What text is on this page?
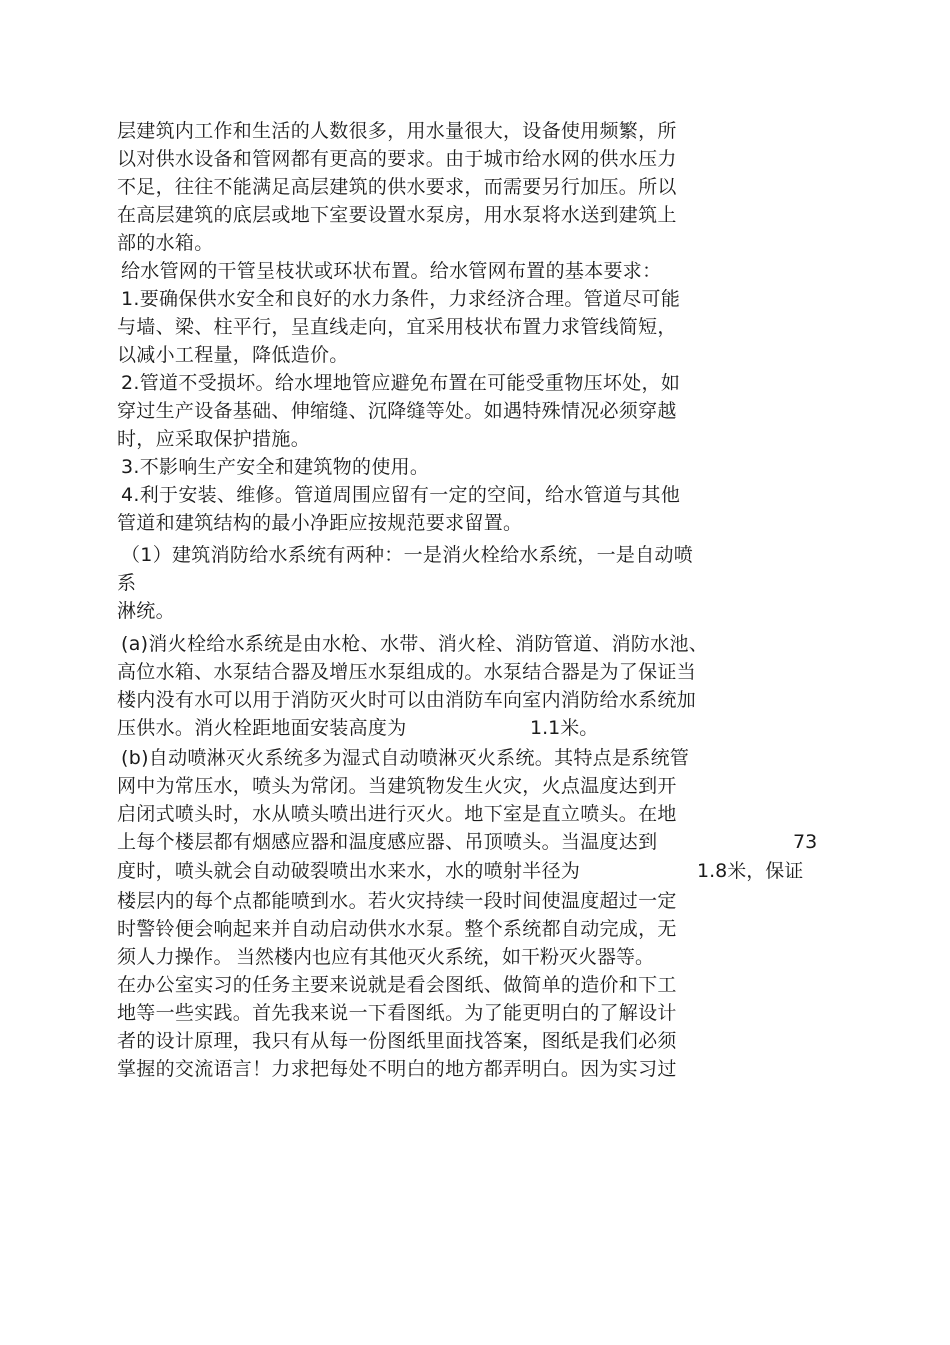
层建筑内工作和生活的人数很多，用水量很大，设备使用频繁，所
以对供水设备和管网都有更高的要求。由于城市给水网的供水压力
不足，往往不能满足高层建筑的供水要求，而需要另行加压。所以
在高层建筑的底层或地下室要设置水泵房，用水泵将水送到建筑上
部的水箱。
给水管网的干管呈枝状或环状布置。给水管网布置的基本要求：
1.要确保供水安全和良好的水力条件，力求经济合理。管道尽可能
与墙、梁、柱平行，呈直线走向，宜采用枝状布置力求管线简短，
以减小工程量，降低造价。
2.管道不受损坏。给水埋地管应避免布置在可能受重物压坏处，如
穿过生产设备基础、伸缩缝、沉降缝等处。如遇特殊情况必须穿越
时，应采取保护措施。
3.不影响生产安全和建筑物的使用。
4.利于安装、维修。管道周围应留有一定的空间，给水管道与其他
管道和建筑结构的最小净距应按规范要求留置。
（1）建筑消防给水系统有两种：一是消火栓给水系统，一是自动喷
系
淋统。
(a)消火栓给水系统是由水枪、水带、消火栓、消防管道、消防水池、
高位水箱、水泵结合器及增压水泵组成的。水泵结合器是为了保证当
楼内没有水可以用于消防灭火时可以由消防车向室内消防给水系统加
压供水。消火栓距地面安装高度为	1.1米。
(b)自动喷淋灭火系统多为湿式自动喷淋灭火系统。其特点是系统管
网中为常压水，喷头为常闭。当建筑物发生火灾，火点温度达到开
启闭式喷头时，水从喷头喷出进行灭火。地下室是直立喷头。在地
上每个楼层都有烟感应器和温度感应器、吊顶喷头。当温度达到	73
度时，喷头就会自动破裂喷出水来水，水的喷射半径为	1.8米，保证
楼层内的每个点都能喷到水。若火灾持续一段时间使温度超过一定
时警铃便会响起来并自动启动供水水泵。整个系统都自动完成，无
须人力操作。 当然楼内也应有其他灭火系统，如干粉灭火器等。
在办公室实习的任务主要来说就是看会图纸、做简单的造价和下工
地等一些实践。首先我来说一下看图纸。为了能更明白的了解设计
者的设计原理，我只有从每一份图纸里面找答案，图纸是我们必须
掌握的交流语言！力求把每处不明白的地方都弄明白。因为实习过
